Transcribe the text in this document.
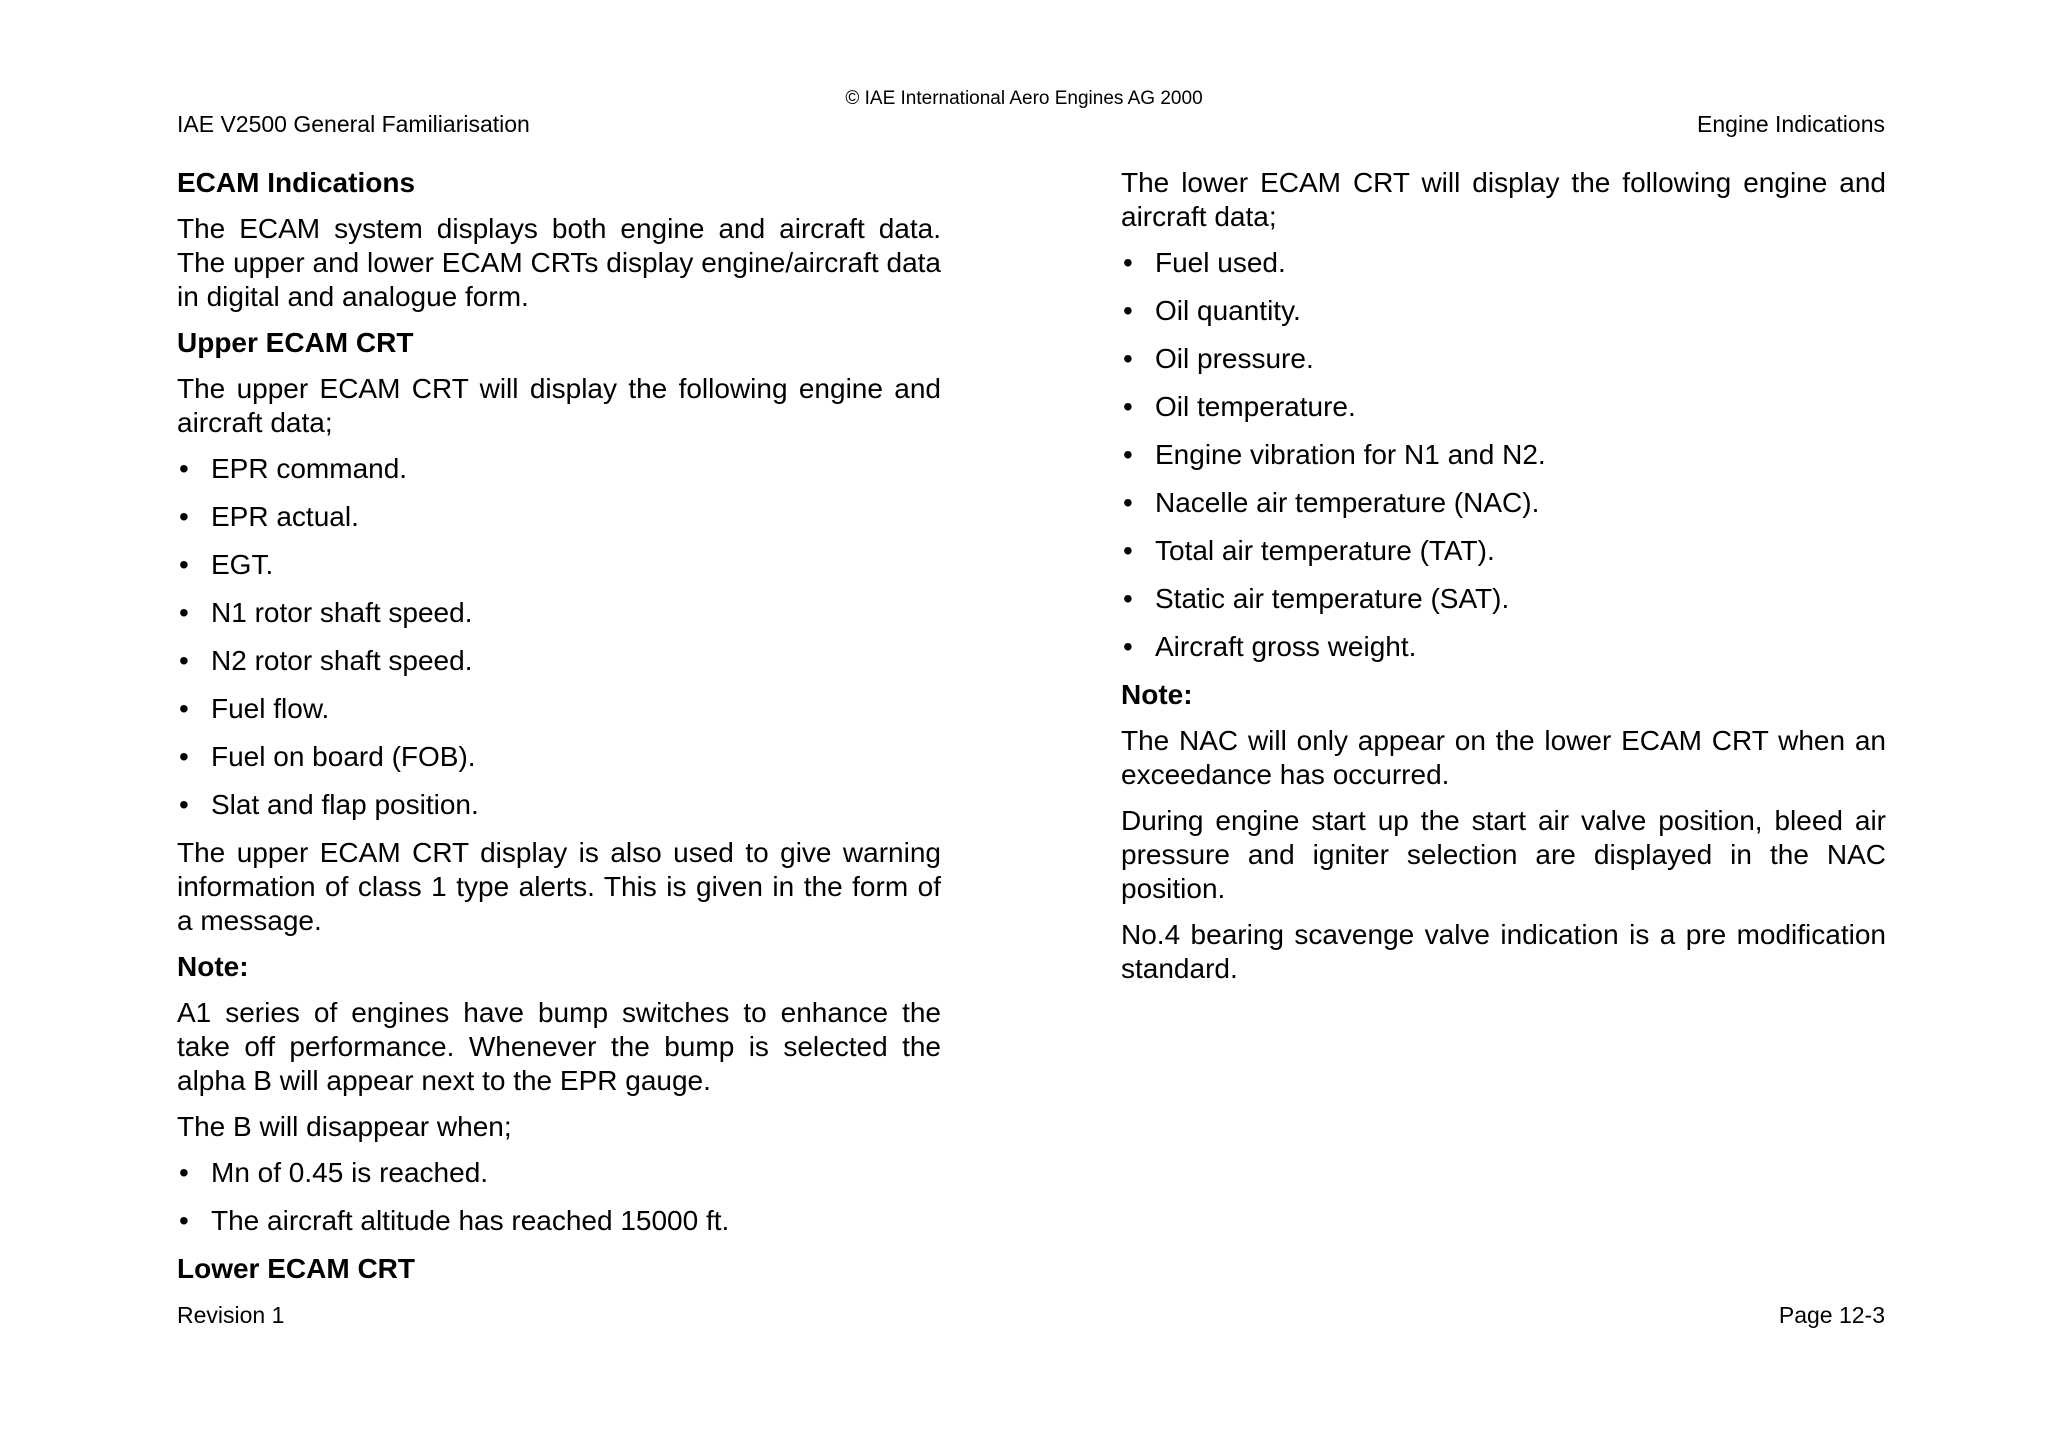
© IAE International Aero Engines AG 2000
IAE V2500 General Familiarisation	Engine Indications
ECAM Indications
The ECAM system displays both engine and aircraft data. The upper and lower ECAM CRTs display engine/aircraft data in digital and analogue form.
Upper ECAM CRT
The upper ECAM CRT will display the following engine and aircraft data;
• EPR command.
• EPR actual.
• EGT.
• N1 rotor shaft speed.
• N2 rotor shaft speed.
• Fuel flow.
• Fuel on board (FOB).
• Slat and flap position.
The upper ECAM CRT display is also used to give warning information of class 1 type alerts. This is given in the form of a message.
Note:
A1 series of engines have bump switches to enhance the take off performance. Whenever the bump is selected the alpha B will appear next to the EPR gauge.
The B will disappear when;
• Mn of 0.45 is reached.
• The aircraft altitude has reached 15000 ft.
Lower ECAM CRT
The lower ECAM CRT will display the following engine and aircraft data;
• Fuel used.
• Oil quantity.
• Oil pressure.
• Oil temperature.
• Engine vibration for N1 and N2.
• Nacelle air temperature (NAC).
• Total air temperature (TAT).
• Static air temperature (SAT).
• Aircraft gross weight.
Note:
The NAC will only appear on the lower ECAM CRT when an exceedance has occurred.
During engine start up the start air valve position, bleed air pressure and igniter selection are displayed in the NAC position.
No.4 bearing scavenge valve indication is a pre modification standard.
Revision 1	Page 12-3
